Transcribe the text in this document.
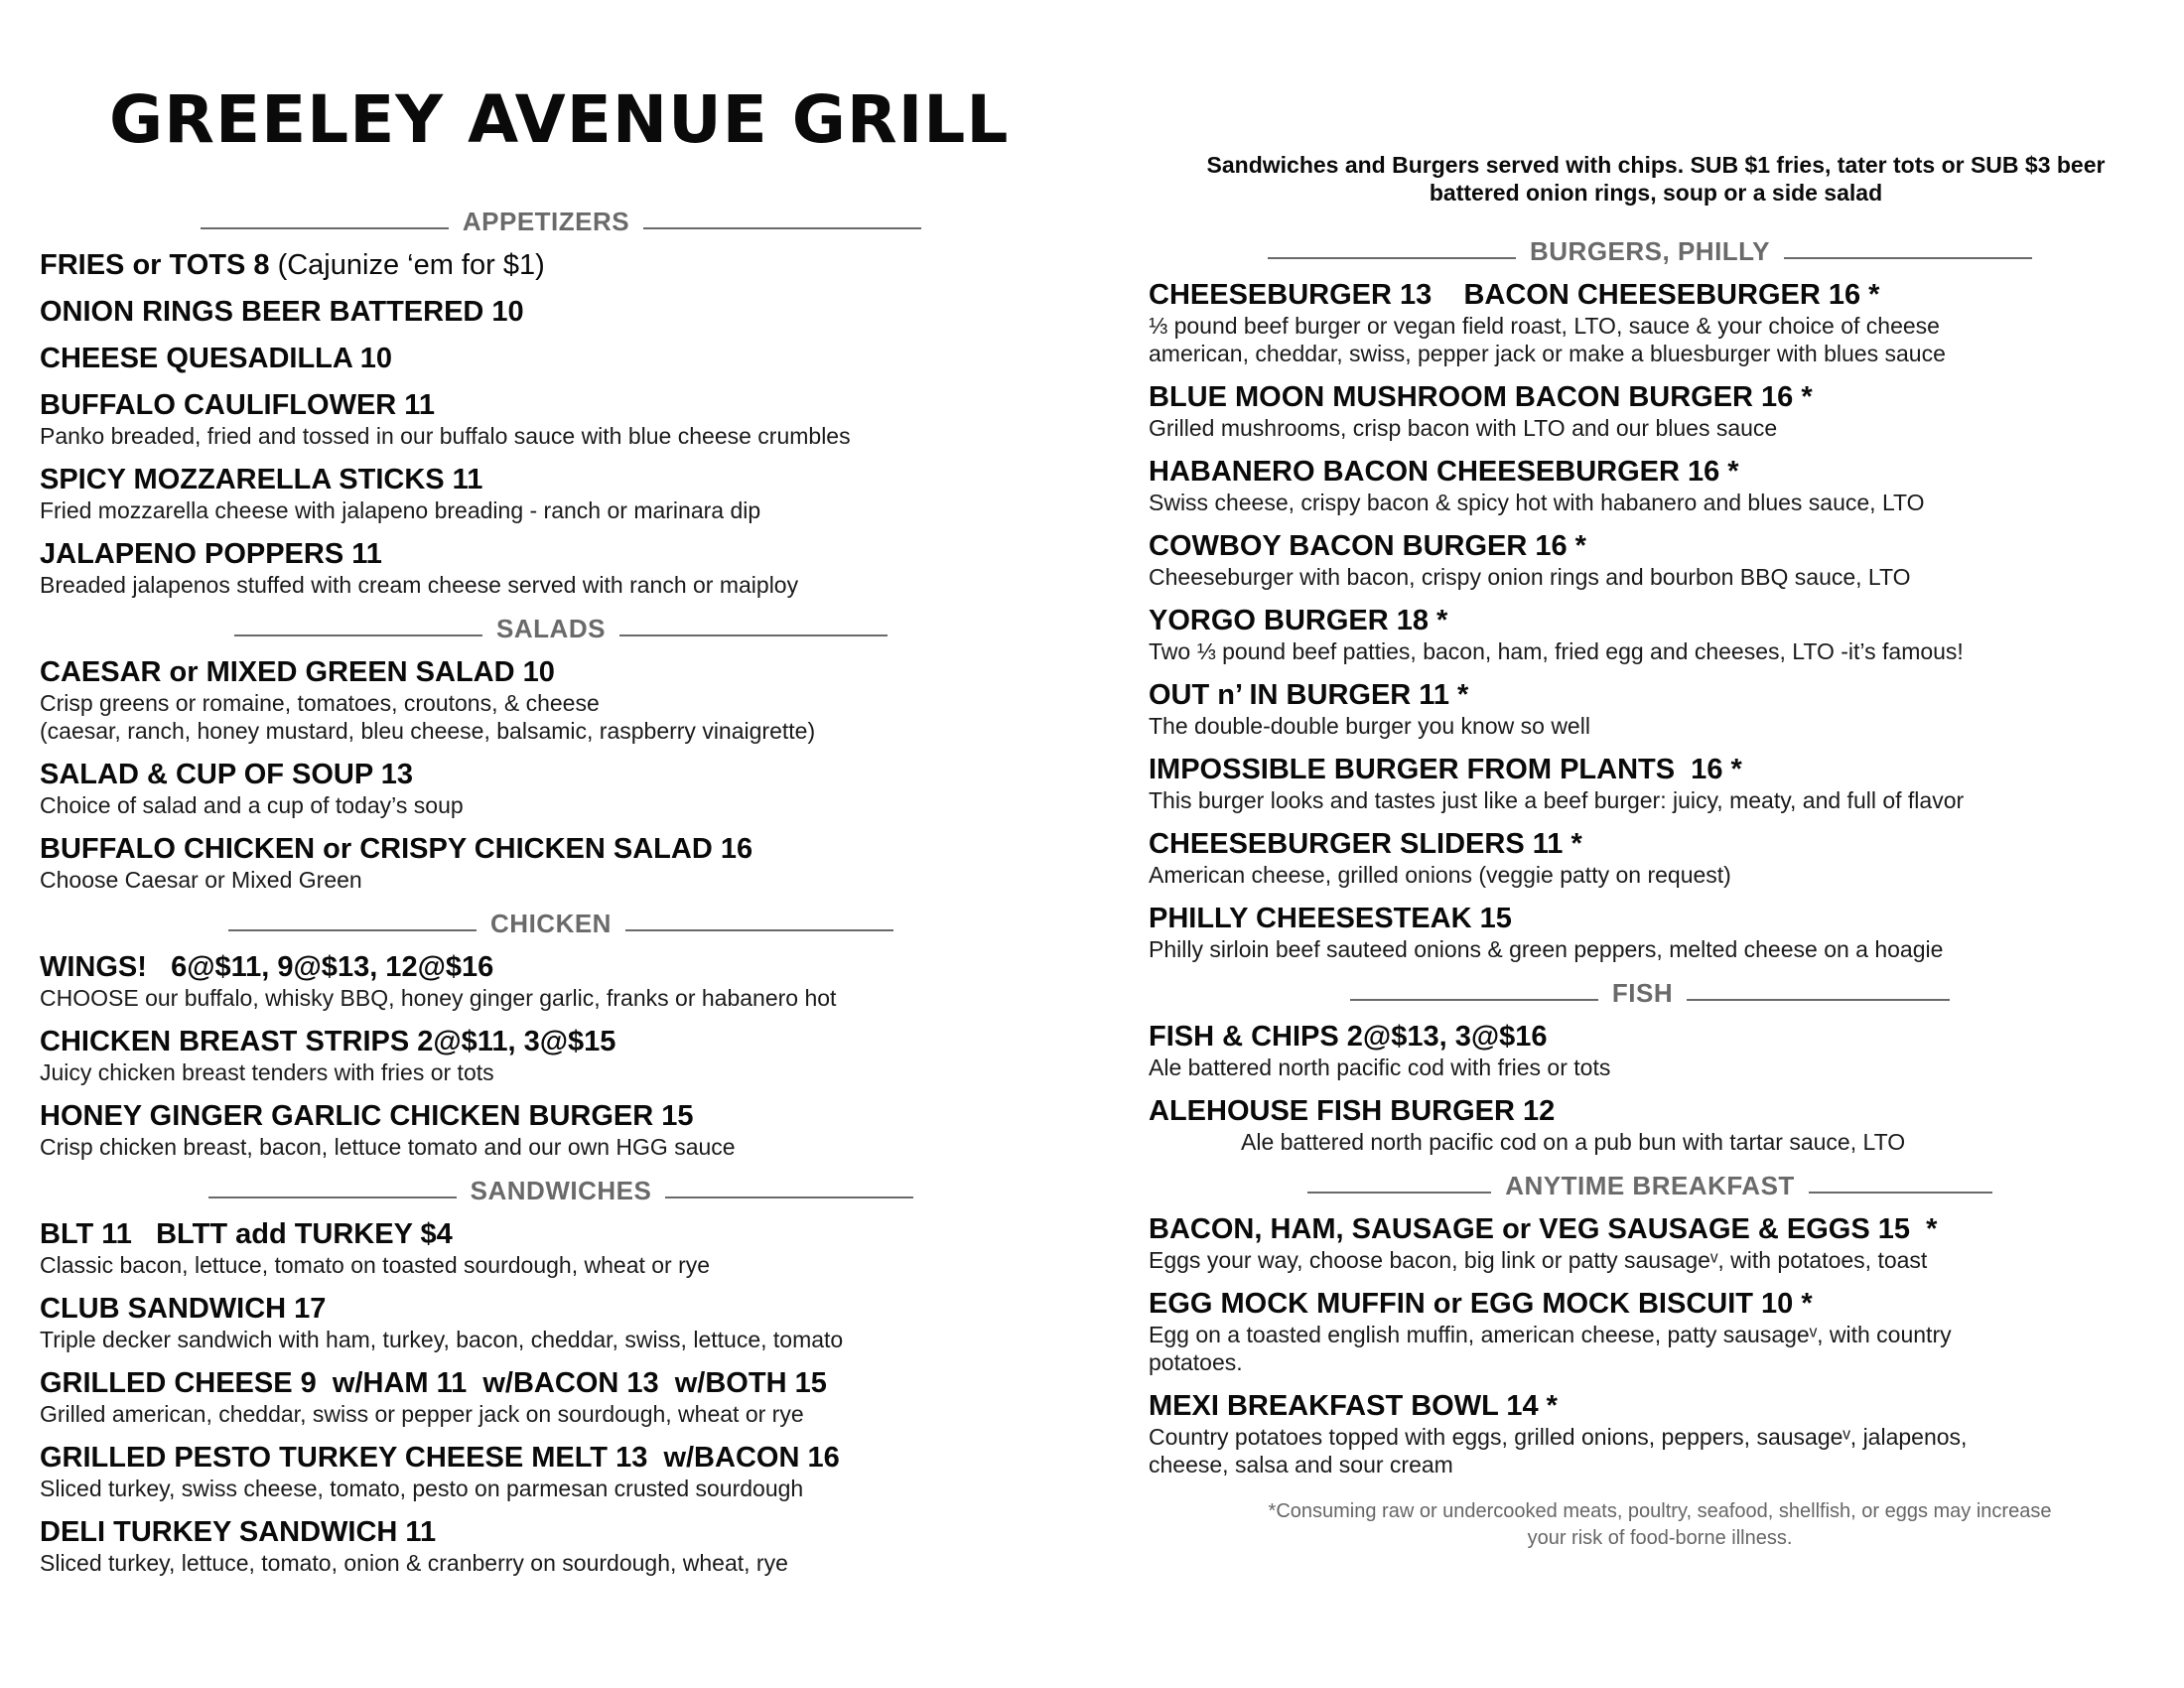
GREELEY AVENUE GRILL
APPETIZERS
FRIES or TOTS 8 (Cajunize ‘em for $1)
ONION RINGS BEER BATTERED 10
CHEESE QUESADILLA 10
BUFFALO CAULIFLOWER 11
Panko breaded, fried and tossed in our buffalo sauce with blue cheese crumbles
SPICY MOZZARELLA STICKS 11
Fried mozzarella cheese with jalapeno breading - ranch or marinara dip
JALAPENO POPPERS 11
Breaded jalapenos stuffed with cream cheese served with ranch or maiploy
SALADS
CAESAR or MIXED GREEN SALAD 10
Crisp greens or romaine, tomatoes, croutons, & cheese
(caesar, ranch, honey mustard, bleu cheese, balsamic, raspberry vinaigrette)
SALAD & CUP OF SOUP 13
Choice of salad and a cup of today’s soup
BUFFALO CHICKEN or CRISPY CHICKEN SALAD 16
Choose Caesar or Mixed Green
CHICKEN
WINGS!   6@$11, 9@$13, 12@$16
CHOOSE our buffalo, whisky BBQ, honey ginger garlic, franks or habanero hot
CHICKEN BREAST STRIPS 2@$11, 3@$15
Juicy chicken breast tenders with fries or tots
HONEY GINGER GARLIC CHICKEN BURGER 15
Crisp chicken breast, bacon, lettuce tomato and our own HGG sauce
SANDWICHES
BLT 11   BLTT add TURKEY $4
Classic bacon, lettuce, tomato on toasted sourdough, wheat or rye
CLUB SANDWICH 17
Triple decker sandwich with ham, turkey, bacon, cheddar, swiss, lettuce, tomato
GRILLED CHEESE 9  w/HAM 11  w/BACON 13  w/BOTH 15
Grilled american, cheddar, swiss or pepper jack on sourdough, wheat or rye
GRILLED PESTO TURKEY CHEESE MELT 13  w/BACON 16
Sliced turkey, swiss cheese, tomato, pesto on parmesan crusted sourdough
DELI TURKEY SANDWICH 11
Sliced turkey, lettuce, tomato, onion & cranberry on sourdough, wheat, rye
Sandwiches and Burgers served with chips. SUB $1 fries, tater tots or SUB $3 beer battered onion rings, soup or a side salad
BURGERS, PHILLY
CHEESEBURGER 13    BACON CHEESEBURGER 16 *
⅓ pound beef burger or vegan field roast, LTO, sauce & your choice of cheese
american, cheddar, swiss, pepper jack or make a bluesburger with blues sauce
BLUE MOON MUSHROOM BACON BURGER 16 *
Grilled mushrooms, crisp bacon with LTO and our blues sauce
HABANERO BACON CHEESEBURGER 16 *
Swiss cheese, crispy bacon & spicy hot with habanero and blues sauce, LTO
COWBOY BACON BURGER 16 *
Cheeseburger with bacon, crispy onion rings and bourbon BBQ sauce, LTO
YORGO BURGER 18 *
Two ⅓ pound beef patties, bacon, ham, fried egg and cheeses, LTO -it’s famous!
OUT n’ IN BURGER 11 *
The double-double burger you know so well
IMPOSSIBLE BURGER FROM PLANTS  16 *
This burger looks and tastes just like a beef burger: juicy, meaty, and full of flavor
CHEESEBURGER SLIDERS 11 *
American cheese, grilled onions (veggie patty on request)
PHILLY CHEESESTEAK 15
Philly sirloin beef sauteed onions & green peppers, melted cheese on a hoagie
FISH
FISH & CHIPS 2@$13, 3@$16
Ale battered north pacific cod with fries or tots
ALEHOUSE FISH BURGER 12
Ale battered north pacific cod on a pub bun with tartar sauce, LTO
ANYTIME BREAKFAST
BACON, HAM, SAUSAGE or VEG SAUSAGE & EGGS 15  *
Eggs your way, choose bacon, big link or patty sausageᵛ, with potatoes, toast
EGG MOCK MUFFIN or EGG MOCK BISCUIT 10 *
Egg on a toasted english muffin, american cheese, patty sausageᵛ, with country
potatoes.
MEXI BREAKFAST BOWL 14 *
Country potatoes topped with eggs, grilled onions, peppers, sausageᵛ, jalapenos,
cheese, salsa and sour cream
*Consuming raw or undercooked meats, poultry, seafood, shellfish, or eggs may increase
your risk of food-borne illness.
